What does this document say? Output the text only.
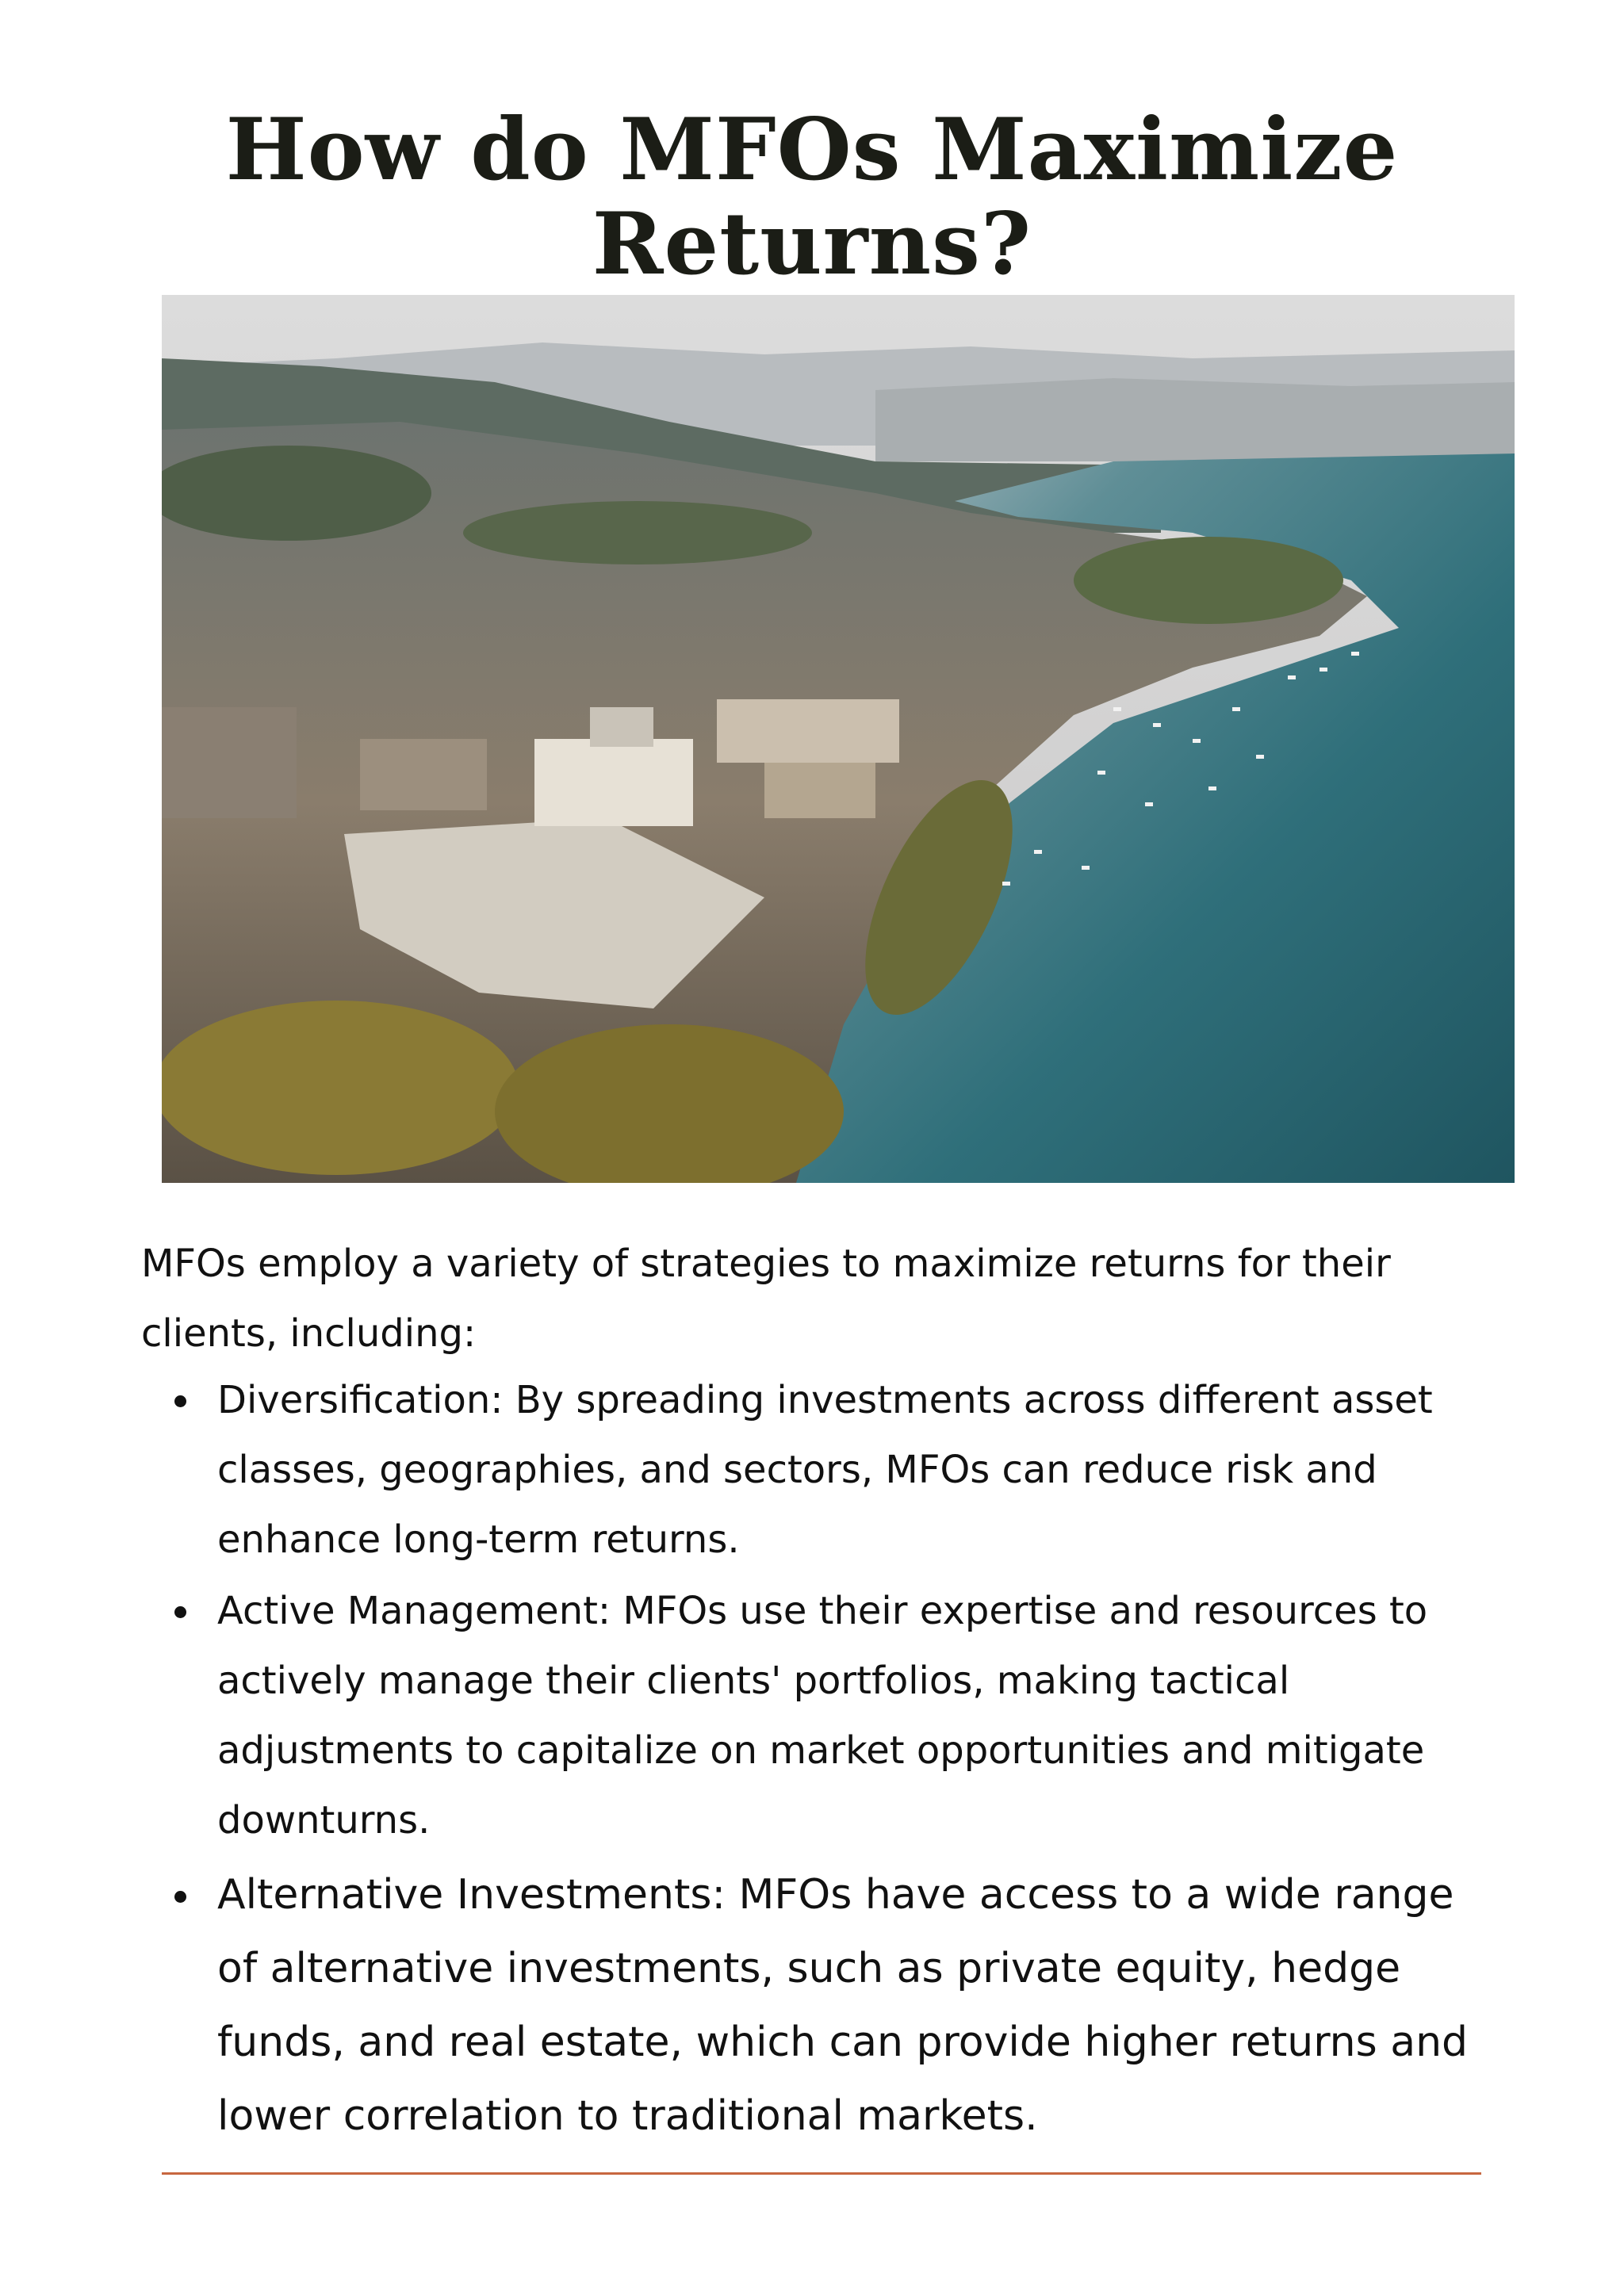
How do MFOs Maximize Returns?

MFOs employ a variety of strategies to maximize returns for their clients, including:

Diversification: By spreading investments across different asset classes, geographies, and sectors, MFOs can reduce risk and enhance long-term returns.
Active Management: MFOs use their expertise and resources to actively manage their clients' portfolios, making tactical adjustments to capitalize on market opportunities and mitigate downturns.
Alternative Investments: MFOs have access to a wide range of alternative investments, such as private equity, hedge funds, and real estate, which can provide higher returns and lower correlation to traditional markets.
